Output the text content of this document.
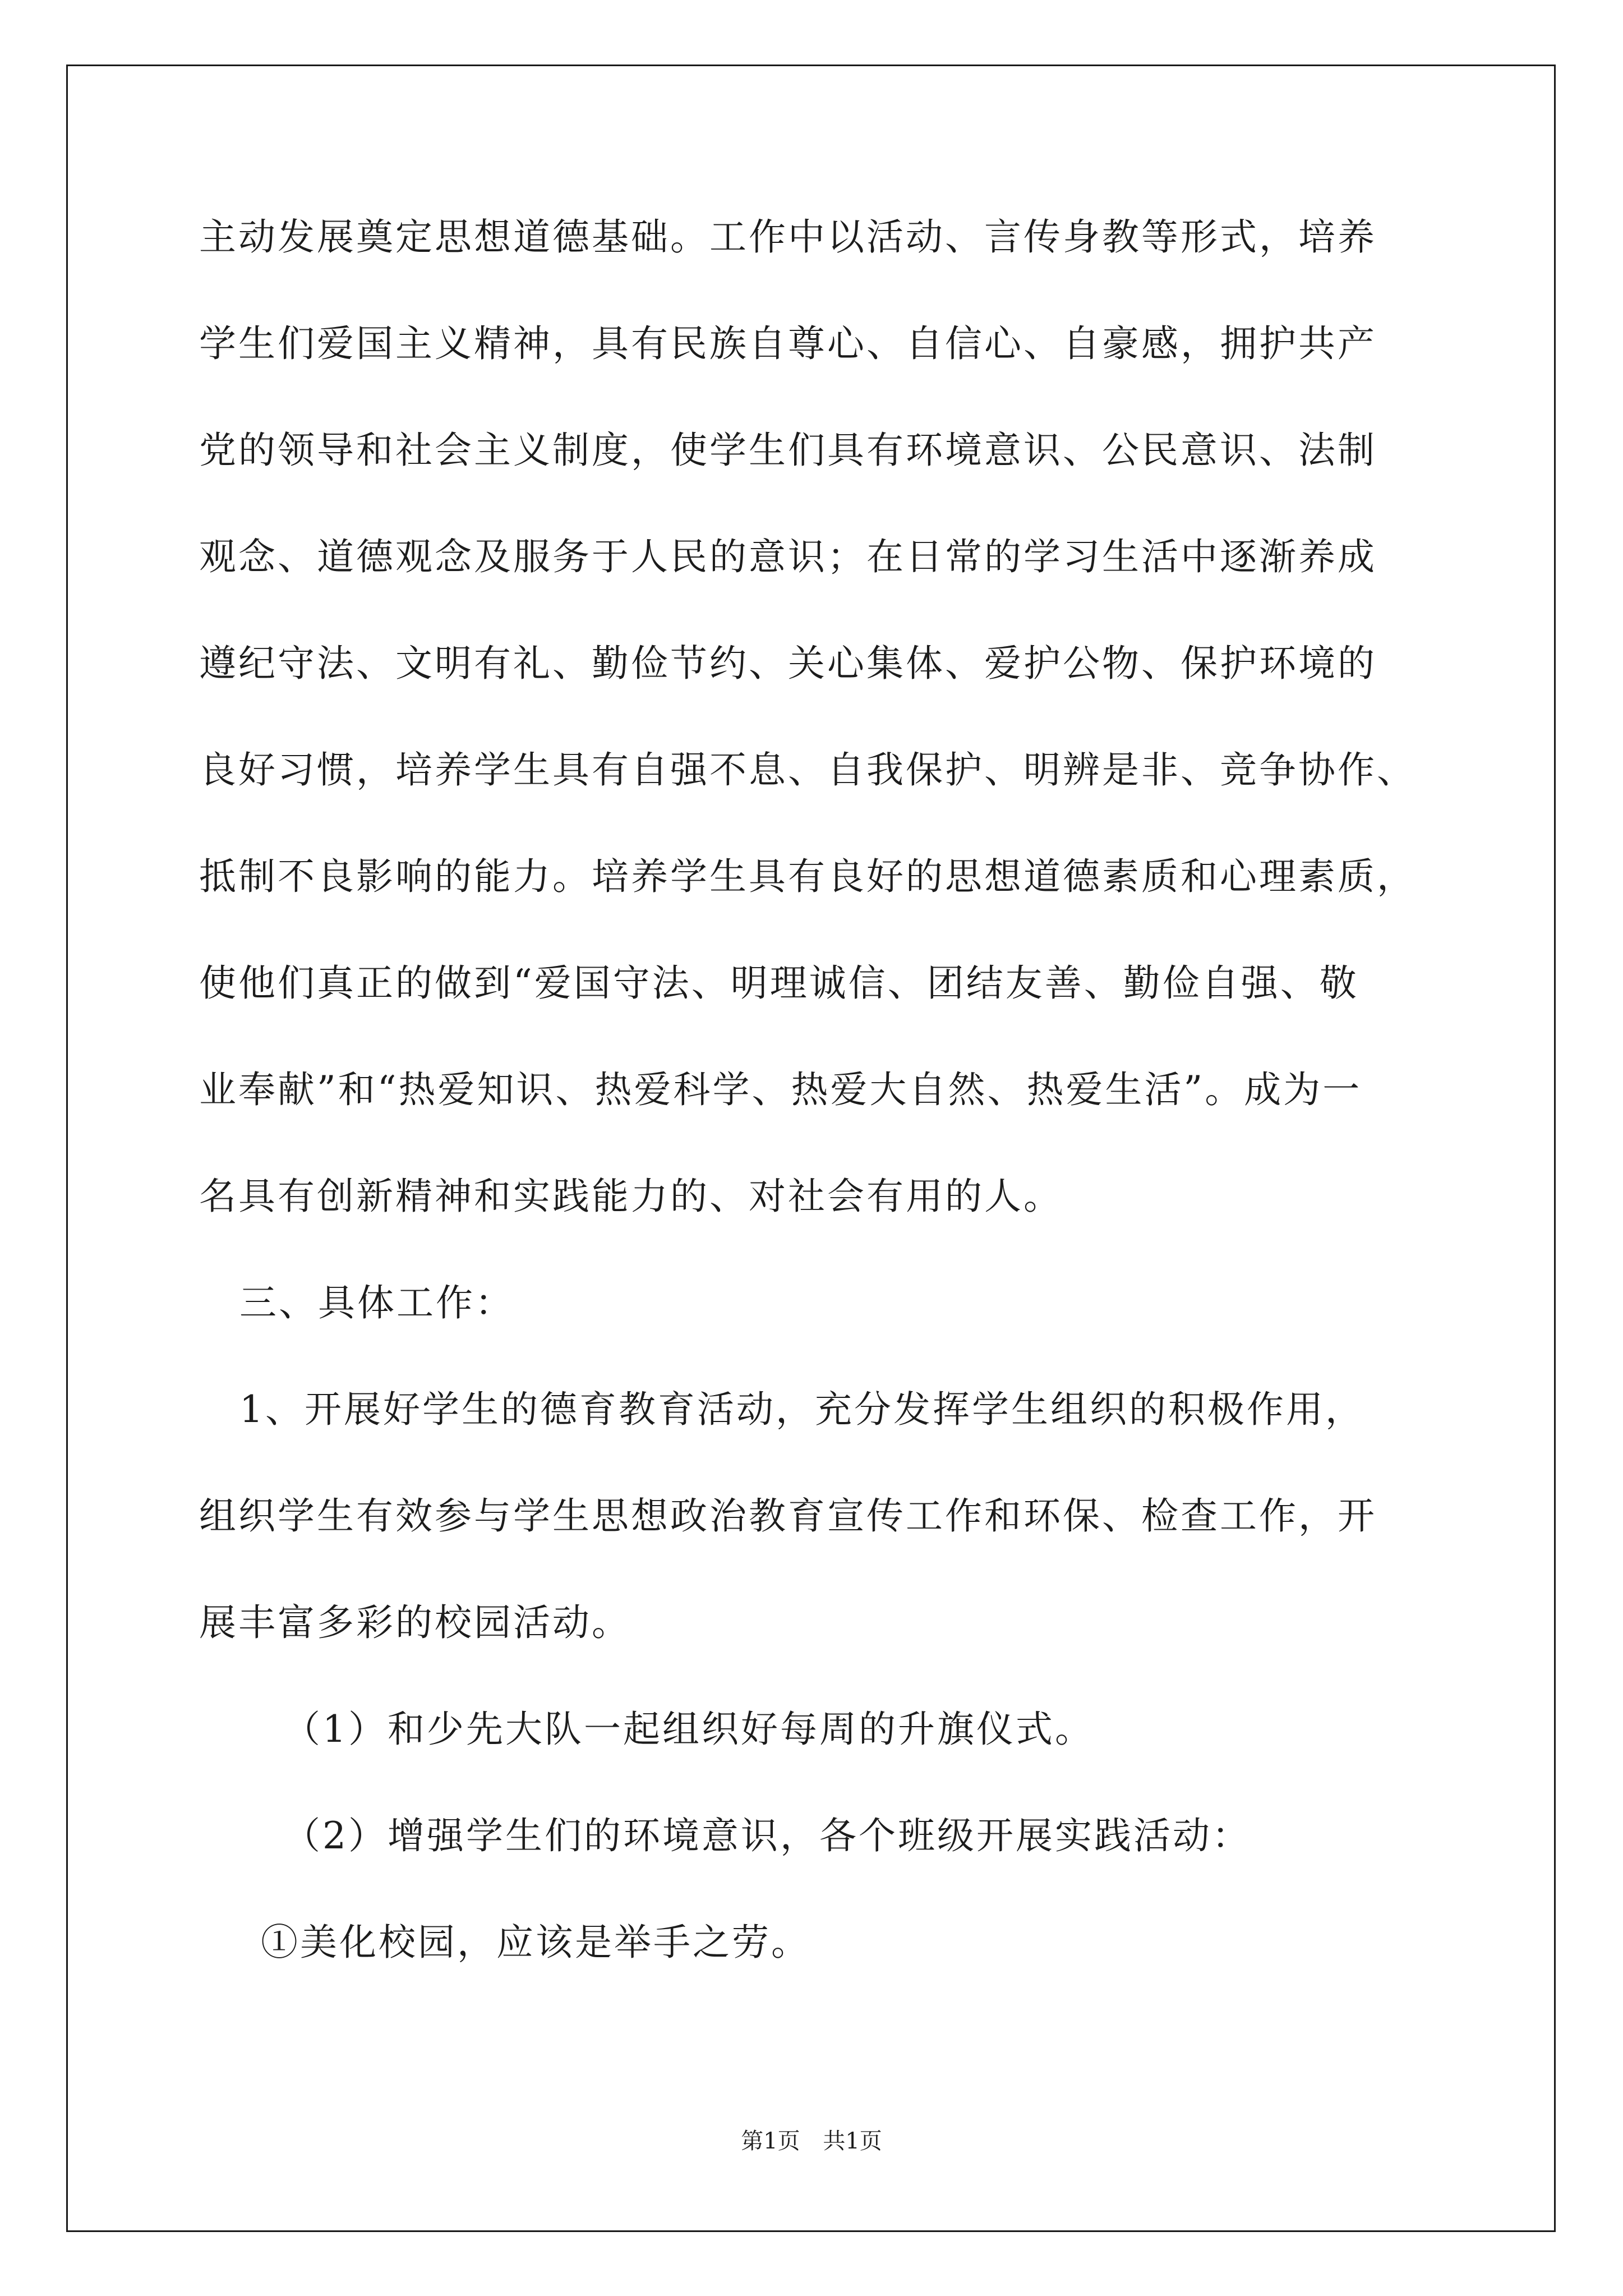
主动发展奠定思想道德基础。工作中以活动、言传身教等形式，培养
学生们爱国主义精神，具有民族自尊心、自信心、自豪感，拥护共产
党的领导和社会主义制度，使学生们具有环境意识、公民意识、法制
观念、道德观念及服务于人民的意识；在日常的学习生活中逐渐养成
遵纪守法、文明有礼、勤俭节约、关心集体、爱护公物、保护环境的
良好习惯，培养学生具有自强不息、自我保护、明辨是非、竞争协作、
抵制不良影响的能力。培养学生具有良好的思想道德素质和心理素质，
使他们真正的做到“爱国守法、明理诚信、团结友善、勤俭自强、敬
业奉献”和“热爱知识、热爱科学、热爱大自然、热爱生活”。成为一
名具有创新精神和实践能力的、对社会有用的人。
三、具体工作：
1、开展好学生的德育教育活动，充分发挥学生组织的积极作用，
组织学生有效参与学生思想政治教育宣传工作和环保、检查工作，开
展丰富多彩的校园活动。
（1）和少先大队一起组织好每周的升旗仪式。
（2）增强学生们的环境意识，各个班级开展实践活动：
①美化校园，应该是举手之劳。
第1页 共1页
